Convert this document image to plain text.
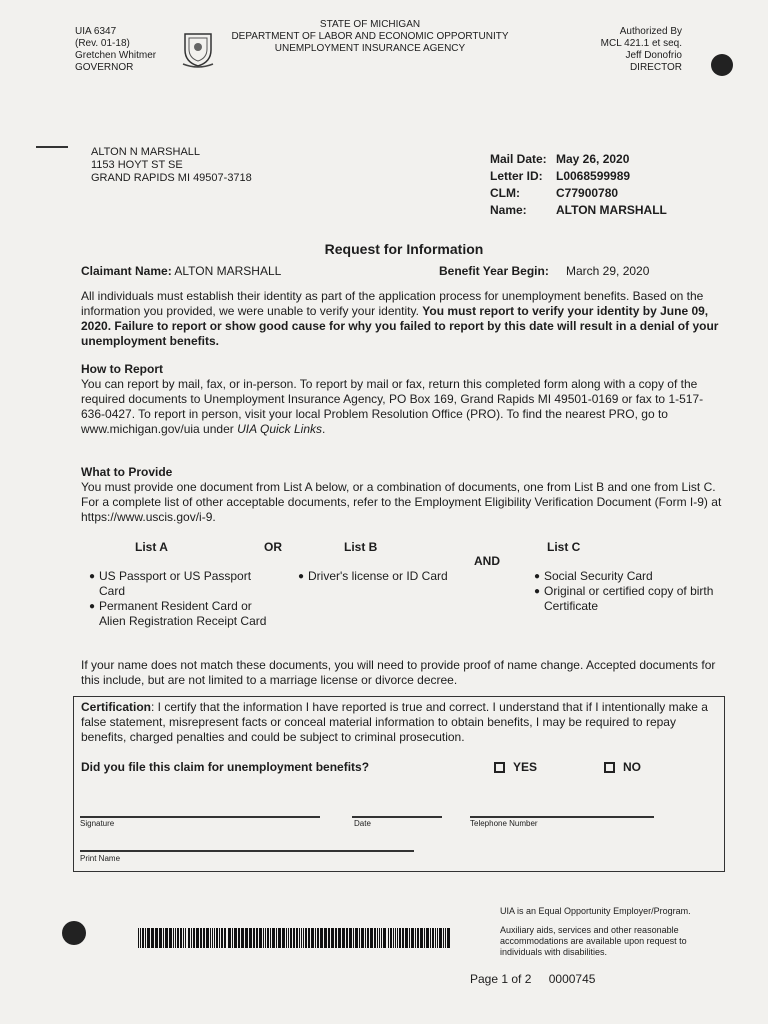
UIA 6347
(Rev. 01-18)
Gretchen Whitmer
GOVERNOR
STATE OF MICHIGAN
DEPARTMENT OF LABOR AND ECONOMIC OPPORTUNITY
UNEMPLOYMENT INSURANCE AGENCY
Authorized By
MCL 421.1 et seq.
Jeff Donofrio
DIRECTOR
ALTON N MARSHALL
1153 HOYT ST SE
GRAND RAPIDS MI 49507-3718
Mail Date: May 26, 2020
Letter ID: L0068599989
CLM:	C77900780
Name: ALTON MARSHALL
Request for Information
Claimant Name: ALTON MARSHALL	Benefit Year Begin: March 29, 2020
All individuals must establish their identity as part of the application process for unemployment benefits. Based on the information you provided, we were unable to verify your identity. You must report to verify your identity by June 09, 2020. Failure to report or show good cause for why you failed to report by this date will result in a denial of your unemployment benefits.
How to Report
You can report by mail, fax, or in-person. To report by mail or fax, return this completed form along with a copy of the required documents to Unemployment Insurance Agency, PO Box 169, Grand Rapids MI 49501-0169 or fax to 1-517-636-0427. To report in person, visit your local Problem Resolution Office (PRO). To find the nearest PRO, go to www.michigan.gov/uia under UIA Quick Links.
What to Provide
You must provide one document from List A below, or a combination of documents, one from List B and one from List C. For a complete list of other acceptable documents, refer to the Employment Eligibility Verification Document (Form I-9) at https://www.uscis.gov/i-9.
List A	OR	List B
AND
List C
● US Passport or US Passport Card
● Permanent Resident Card or Alien Registration Receipt Card
● Driver's license or ID Card
●	Social Security Card
● Original or certified copy of birth Certificate
If your name does not match these documents, you will need to provide proof of name change. Accepted documents for this include, but are not limited to a marriage license or divorce decree.
Certification: I certify that the information I have reported is true and correct. I understand that if I intentionally make a false statement, misrepresent facts or conceal material information to obtain benefits, I may be required to repay benefits, charged penalties and could be subject to criminal prosecution.
Did you file this claim for unemployment benefits?	YES	NO
Signature	Date	Telephone Number
Print Name
UIA is an Equal Opportunity Employer/Program.
Auxiliary aids, services and other reasonable
accommodations are available upon request to
individuals with disabilities.
Page 1 of 2 0000745
